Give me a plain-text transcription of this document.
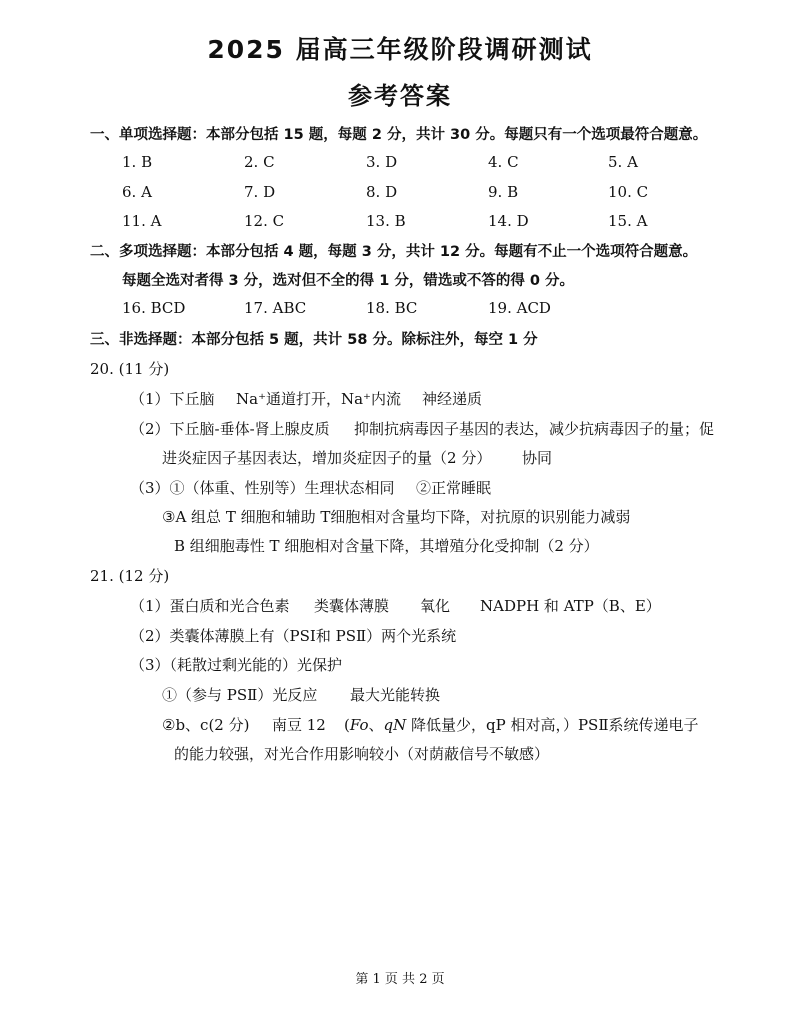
2025 届高三年级阶段调研测试
参考答案
一、单项选择题：本部分包括 15 题，每题 2 分，共计 30 分。每题只有一个选项最符合题意。
1. B	2. C	3. D	4. C	5. A
6. A	7. D	8. D	9. B	10. C
11. A	12. C	13. B	14. D	15. A
二、多项选择题：本部分包括 4 题，每题 3 分，共计 12 分。每题有不止一个选项符合题意。
每题全选对者得 3 分，选对但不全的得 1 分，错选或不答的得 0 分。
16. BCD	17. ABC	18. BC	19. ACD
三、非选择题：本部分包括 5 题，共计 58 分。除标注外，每空 1 分
20. (11 分)
（1）下丘脑 Na⁺通道打开，Na⁺内流 神经递质
（2）下丘脑-垂体-肾上腺皮质 抑制抗病毒因子基因的表达，减少抗病毒因子的量；促
进炎症因子基因表达，增加炎症因子的量（2 分） 协同
（3）①（体重、性别等）生理状态相同 ②正常睡眠
③A 组总 T 细胞和辅助 T细胞相对含量均下降，对抗原的识别能力减弱
B 组细胞毒性 T 细胞相对含量下降，其增殖分化受抑制（2 分）
21. (12 分)
（1）蛋白质和光合色素 类囊体薄膜 氧化 NADPH 和 ATP（B、E）
（2）类囊体薄膜上有（PSⅠ和 PSⅡ）两个光系统
（3）（耗散过剩光能的）光保护
①（参与 PSⅡ）光反应 最大光能转换
②b、c(2 分) 南豆 12 (Fo、qN 降低量少，qP 相对高，）PSⅡ系统传递电子
的能力较强，对光合作用影响较小（对荫蔽信号不敏感）
第 1 页 共 2 页
